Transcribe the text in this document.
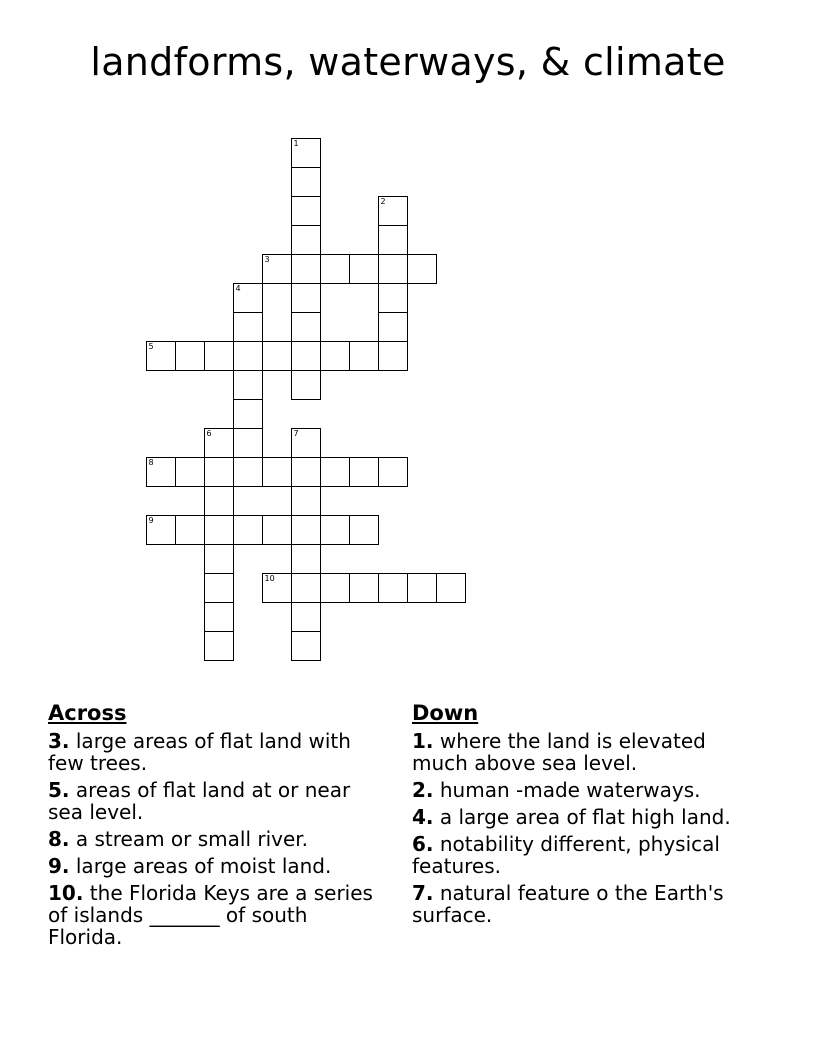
landforms, waterways, & climate
1
2
3
4
5
6	7
8
9
10
Across
3. large areas of flat land with few trees.
5. areas of flat land at or near sea level.
8. a stream or small river.
9. large areas of moist land.
10. the Florida Keys are a series of islands _______ of south Florida.
Down
1. where the land is elevated much above sea level.
2. human -made waterways.
4. a large area of flat high land.
6. notability different, physical features.
7. natural feature o the Earth's surface.
